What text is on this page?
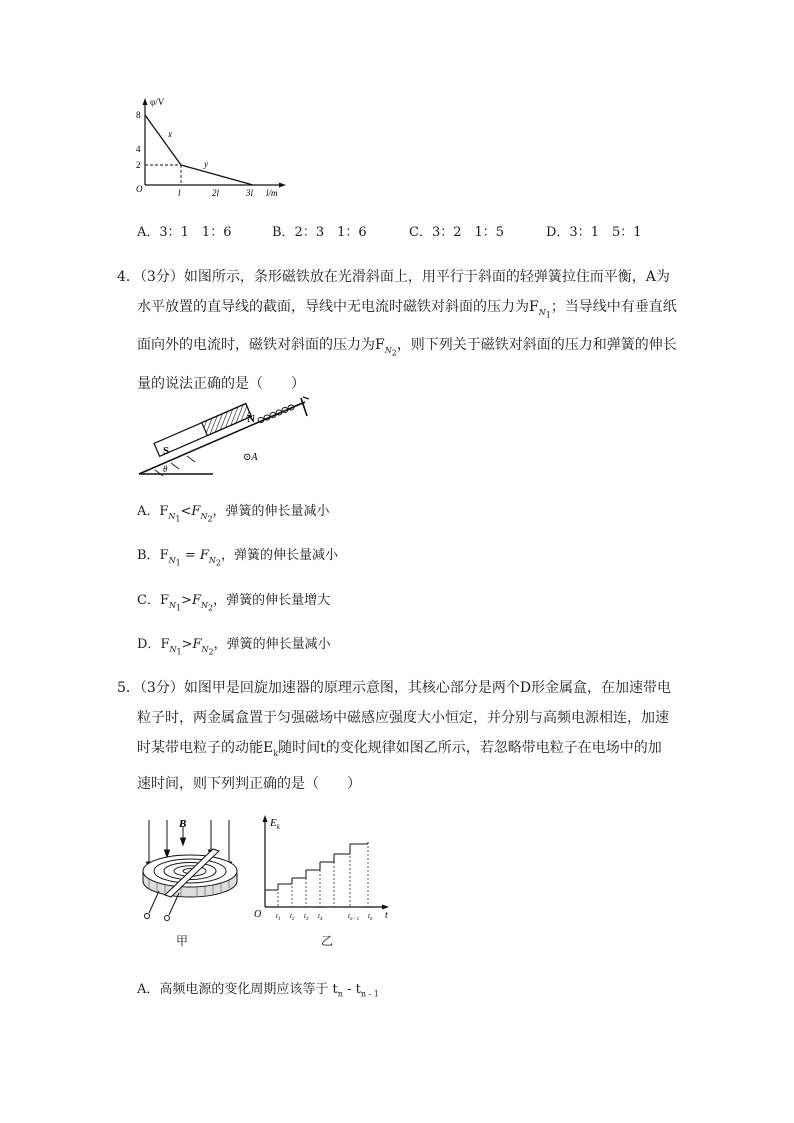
φ/V
8
4
2
O	l	2l	3l l/m
x
y
A．3：1　1：6	B．2：3　1：6	C．3：2　1：5	D．3：1　5：1
4．（3分）如图所示，条形磁铁放在光滑斜面上，用平行于斜面的轻弹簧拉住而平衡，A为
水平放置的直导线的截面，导线中无电流时磁铁对斜面的压力为$F_{N_1}$；当导线中有垂直纸
面向外的电流时，磁铁对斜面的压力为$F_{N_2}$，则下列关于磁铁对斜面的压力和弹簧的伸长
量的说法正确的是（　　）
S
N
θ
⊙A
A．$F_{N_1}<F_{N_2}$，弹簧的伸长量减小
B．$F_{N_1} = F_{N_2}$，弹簧的伸长量减小
C．$F_{N_1}>F_{N_2}$，弹簧的伸长量增大
D．$F_{N_1}>F_{N_2}$，弹簧的伸长量减小
5．（3分）如图甲是回旋加速器的原理示意图，其核心部分是两个D形金属盒，在加速带电
粒子时，两金属盒置于匀强磁场中磁感应强度大小恒定，并分别与高频电源相连，加速
时某带电粒子的动能$E_k$随时间t的变化规律如图乙所示，若忽略带电粒子在电场中的加
速时间，则下列判正确的是（　　）
B
甲
$E_k$
O	t
$t_1$ $t_2$ $t_3$ $t_4$	$t_{n - 1}$ $t_n$
乙
A．高频电源的变化周期应该等于 $t_n - t_{n - 1}$
